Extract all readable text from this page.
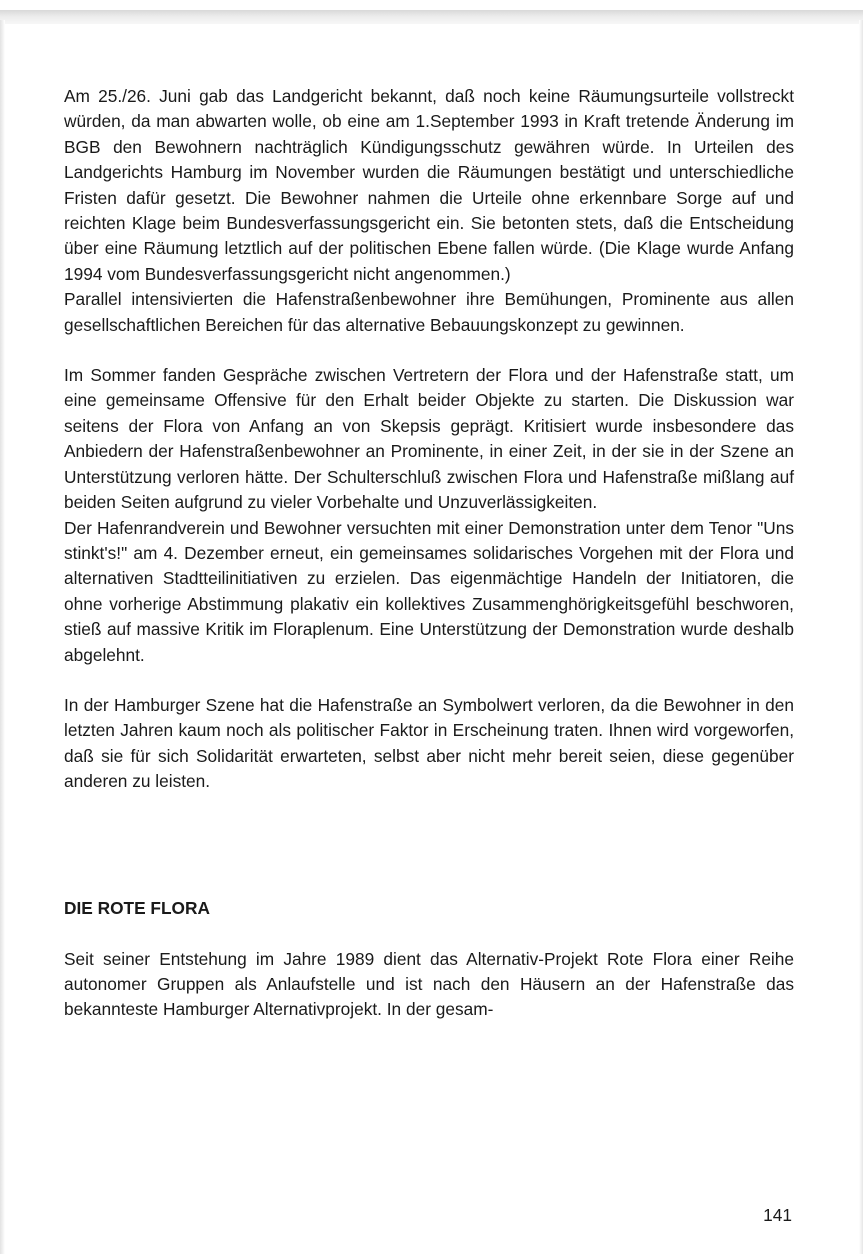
Am 25./26. Juni gab das Landgericht bekannt, daß noch keine Räumungsurteile vollstreckt würden, da man abwarten wolle, ob eine am 1.September 1993 in Kraft tretende Änderung im BGB den Bewohnern nachträglich Kündigungsschutz gewähren würde. In Urteilen des Landgerichts Hamburg im November wurden die Räumungen bestätigt und unterschiedliche Fristen dafür gesetzt. Die Bewohner nahmen die Urteile ohne erkennbare Sorge auf und reichten Klage beim Bundesverfassungsgericht ein. Sie betonten stets, daß die Entscheidung über eine Räumung letztlich auf der politischen Ebene fallen würde. (Die Klage wurde Anfang 1994 vom Bundesverfassungsgericht nicht angenommen.)

Parallel intensivierten die Hafenstraßenbewohner ihre Bemühungen, Prominente aus allen gesellschaftlichen Bereichen für das alternative Bebauungskonzept zu gewinnen.

Im Sommer fanden Gespräche zwischen Vertretern der Flora und der Hafenstraße statt, um eine gemeinsame Offensive für den Erhalt beider Objekte zu starten. Die Diskussion war seitens der Flora von Anfang an von Skepsis geprägt. Kritisiert wurde insbesondere das Anbiedern der Hafenstraßenbewohner an Prominente, in einer Zeit, in der sie in der Szene an Unterstützung verloren hätte. Der Schulterschluß zwischen Flora und Hafenstraße mißlang auf beiden Seiten aufgrund zu vieler Vorbehalte und Unzuverlässigkeiten.

Der Hafenrandverein und Bewohner versuchten mit einer Demonstration unter dem Tenor "Uns stinkt's!" am 4. Dezember erneut, ein gemeinsames solidarisches Vorgehen mit der Flora und alternativen Stadtteilinitiativen zu erzielen. Das eigenmächtige Handeln der Initiatoren, die ohne vorherige Abstimmung plakativ ein kollektives Zusammenghörigkeitsgefühl beschworen, stieß auf massive Kritik im Floraplenum. Eine Unterstützung der Demonstration wurde deshalb abgelehnt.

In der Hamburger Szene hat die Hafenstraße an Symbolwert verloren, da die Bewohner in den letzten Jahren kaum noch als politischer Faktor in Erscheinung traten. Ihnen wird vorgeworfen, daß sie für sich Solidarität erwarteten, selbst aber nicht mehr bereit seien, diese gegenüber anderen zu leisten.

DIE ROTE FLORA

Seit seiner Entstehung im Jahre 1989 dient das Alternativ-Projekt Rote Flora einer Reihe autonomer Gruppen als Anlaufstelle und ist nach den Häusern an der Hafenstraße das bekannteste Hamburger Alternativprojekt. In der gesam-

141
